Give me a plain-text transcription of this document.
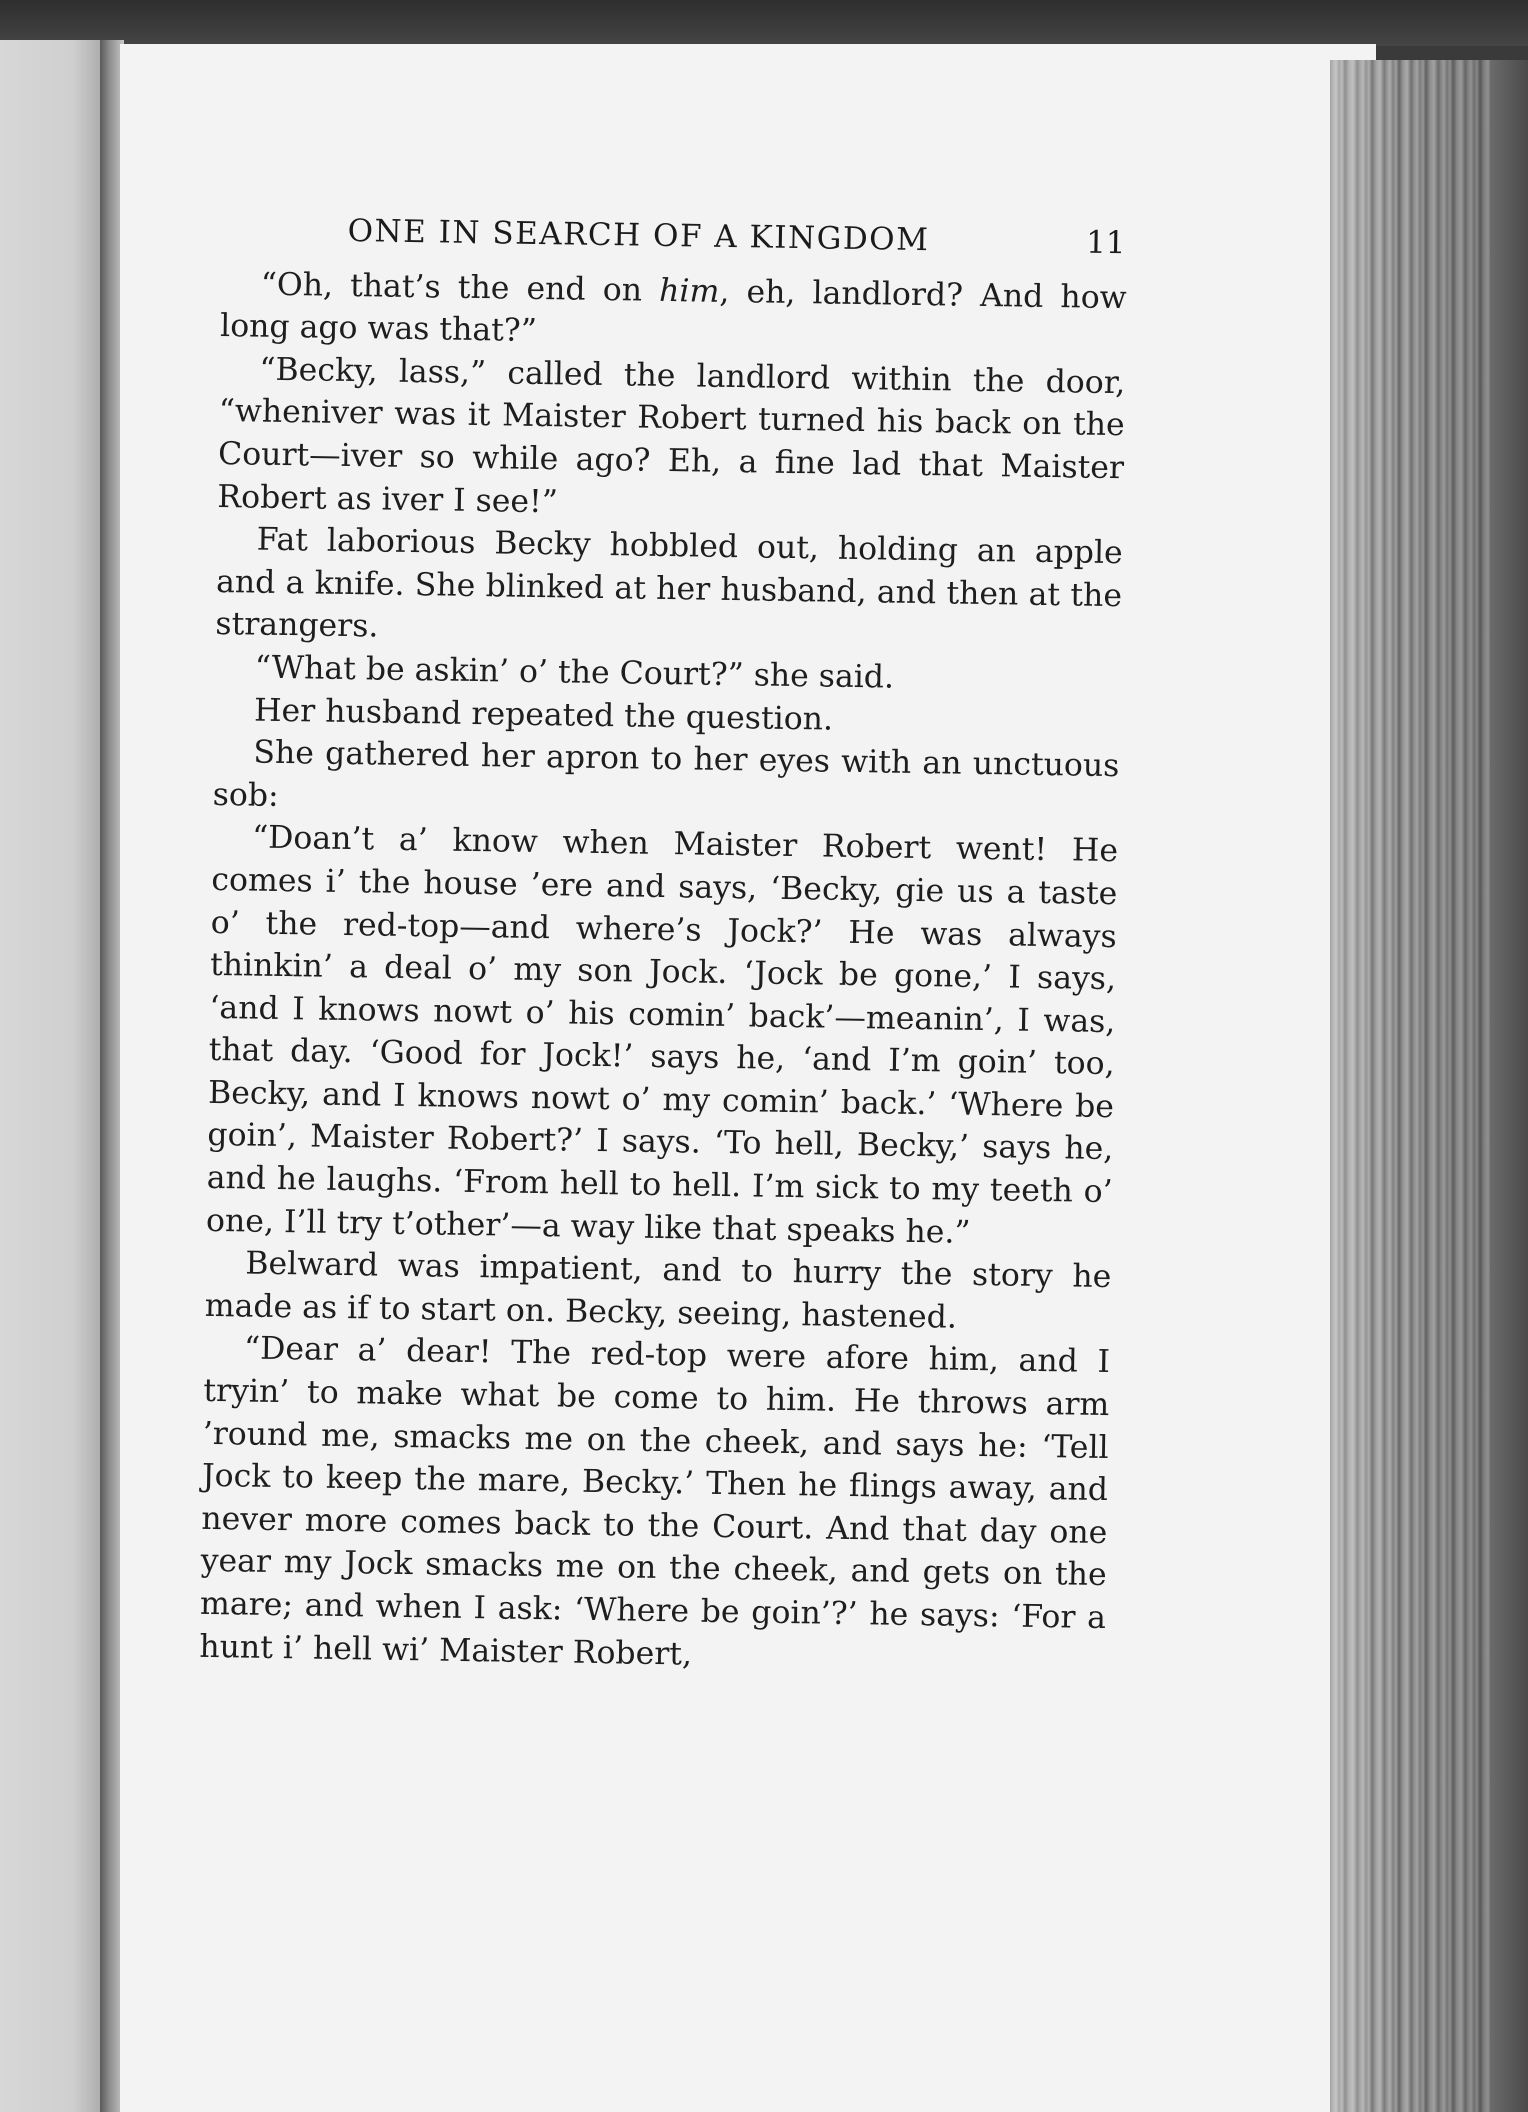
ONE IN SEARCH OF A KINGDOM	11

“Oh, that’s the end on him, eh, landlord? And how long ago was that?”

“Becky, lass,” called the landlord within the door, “wheniver was it Maister Robert turned his back on the Court—iver so while ago? Eh, a fine lad that Maister Robert as iver I see!”

Fat laborious Becky hobbled out, holding an apple and a knife. She blinked at her husband, and then at the strangers.

“What be askin’ o’ the Court?” she said.

Her husband repeated the question.

She gathered her apron to her eyes with an unctuous sob:

“Doan’t a’ know when Maister Robert went! He comes i’ the house ’ere and says, ‘Becky, gie us a taste o’ the red-top—and where’s Jock?’ He was always thinkin’ a deal o’ my son Jock. ‘Jock be gone,’ I says, ‘and I knows nowt o’ his comin’ back’—meanin’, I was, that day. ‘Good for Jock!’ says he, ‘and I’m goin’ too, Becky, and I knows nowt o’ my comin’ back.’ ‘Where be goin’, Maister Robert?’ I says. ‘To hell, Becky,’ says he, and he laughs. ‘From hell to hell. I’m sick to my teeth o’ one, I’ll try t’other’—a way like that speaks he.”

Belward was impatient, and to hurry the story he made as if to start on. Becky, seeing, hastened.

“Dear a’ dear! The red-top were afore him, and I tryin’ to make what be come to him. He throws arm ’round me, smacks me on the cheek, and says he: ‘Tell Jock to keep the mare, Becky.’ Then he flings away, and never more comes back to the Court. And that day one year my Jock smacks me on the cheek, and gets on the mare; and when I ask: ‘Where be goin’?’ he says: ‘For a hunt i’ hell wi’ Maister Robert,
